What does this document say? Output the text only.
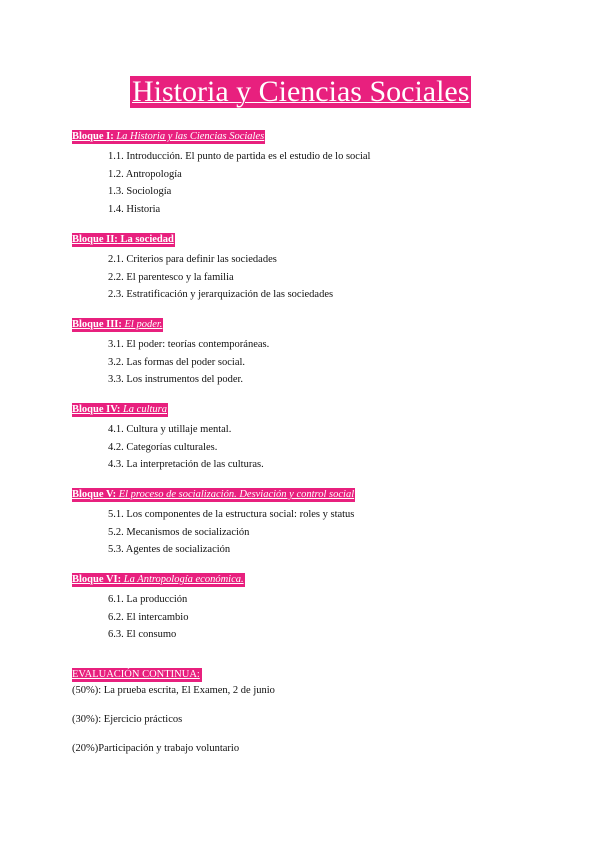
Historia y Ciencias Sociales
Bloque I: La Historia y las Ciencias Sociales
1.1. Introducción. El punto de partida es el estudio de lo social
1.2. Antropología
1.3. Sociología
1.4. Historia
Bloque II: La sociedad
2.1. Criterios para definir las sociedades
2.2. El parentesco y la familia
2.3. Estratificación y jerarquización de las sociedades
Bloque III: El poder.
3.1. El poder: teorías contemporáneas.
3.2. Las formas del poder social.
3.3. Los instrumentos del poder.
Bloque IV: La cultura
4.1. Cultura y utillaje mental.
4.2. Categorías culturales.
4.3. La interpretación de las culturas.
Bloque V: El proceso de socialización. Desviación y control social
5.1. Los componentes de la estructura social: roles y status
5.2. Mecanismos de socialización
5.3. Agentes de socialización
Bloque VI: La Antropología económica.
6.1. La producción
6.2. El intercambio
6.3. El consumo
EVALUACIÓN CONTINUA:
(50%): La prueba escrita, El Examen, 2 de junio
(30%): Ejercicio prácticos
(20%)Participación y trabajo voluntario
